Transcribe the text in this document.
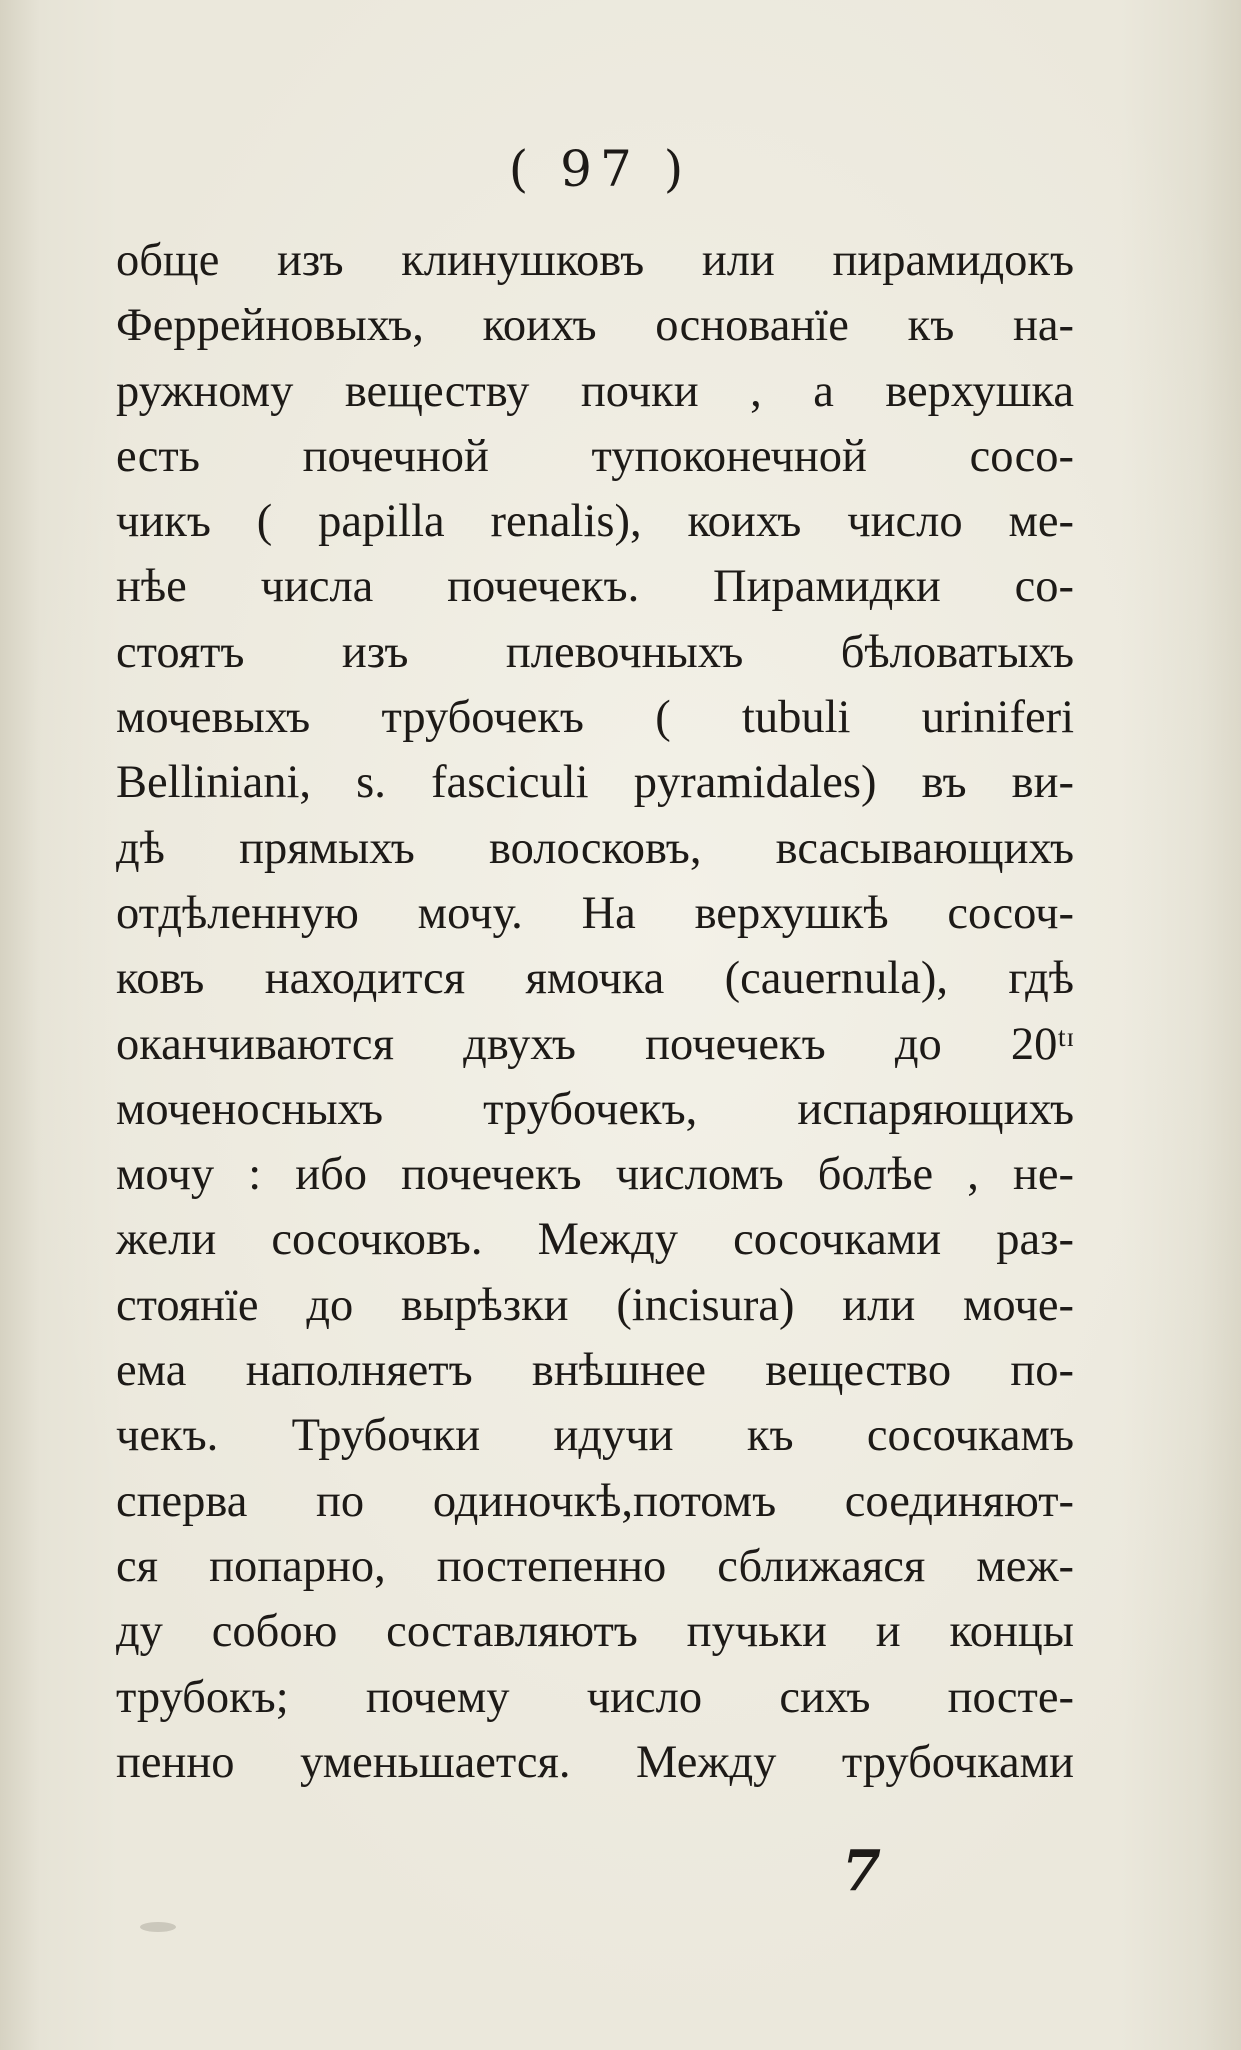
( 97 )
общe изъ клинушковъ или пирамидокъ
Феррейновыхъ, коихъ основанïе къ на-
ружному веществу почки , а верхушка
есть почечной тупоконечной сосо-
чикъ ( papilla renalis), коихъ число ме-
нѣе числа почечекъ. Пирамидки со-
стоятъ изъ плевочныхъ бѣловатыхъ
мочевыхъ трубочекъ ( tubuli uriniferi
Belliniani, s. fasciculi pyramidales) въ ви-
дѣ прямыхъ волосковъ, всасывающихъ
отдѣленную мочу. На верхушкѣ сосоч-
ковъ находится ямочка (cauernula), гдѣ
оканчиваются двухъ почечекъ до 20ᵗᶦ
моченосныхъ трубочекъ, испаряющихъ
мочу : ибо почечекъ числомъ болѣе , не-
жели сосочковъ. Между сосочками раз-
стоянïе до вырѣзки (incisura) или моче-
ема наполняетъ внѣшнее вещество по-
чекъ. Трубочки идучи къ сосочкамъ
сперва по одиночкѣ,потомъ соединяют-
ся попарно, постепенно сближаяся меж-
ду собою составляютъ пучьки и концы
трубокъ; почему число сихъ посте-
пенно уменьшается. Между трубочками
7
